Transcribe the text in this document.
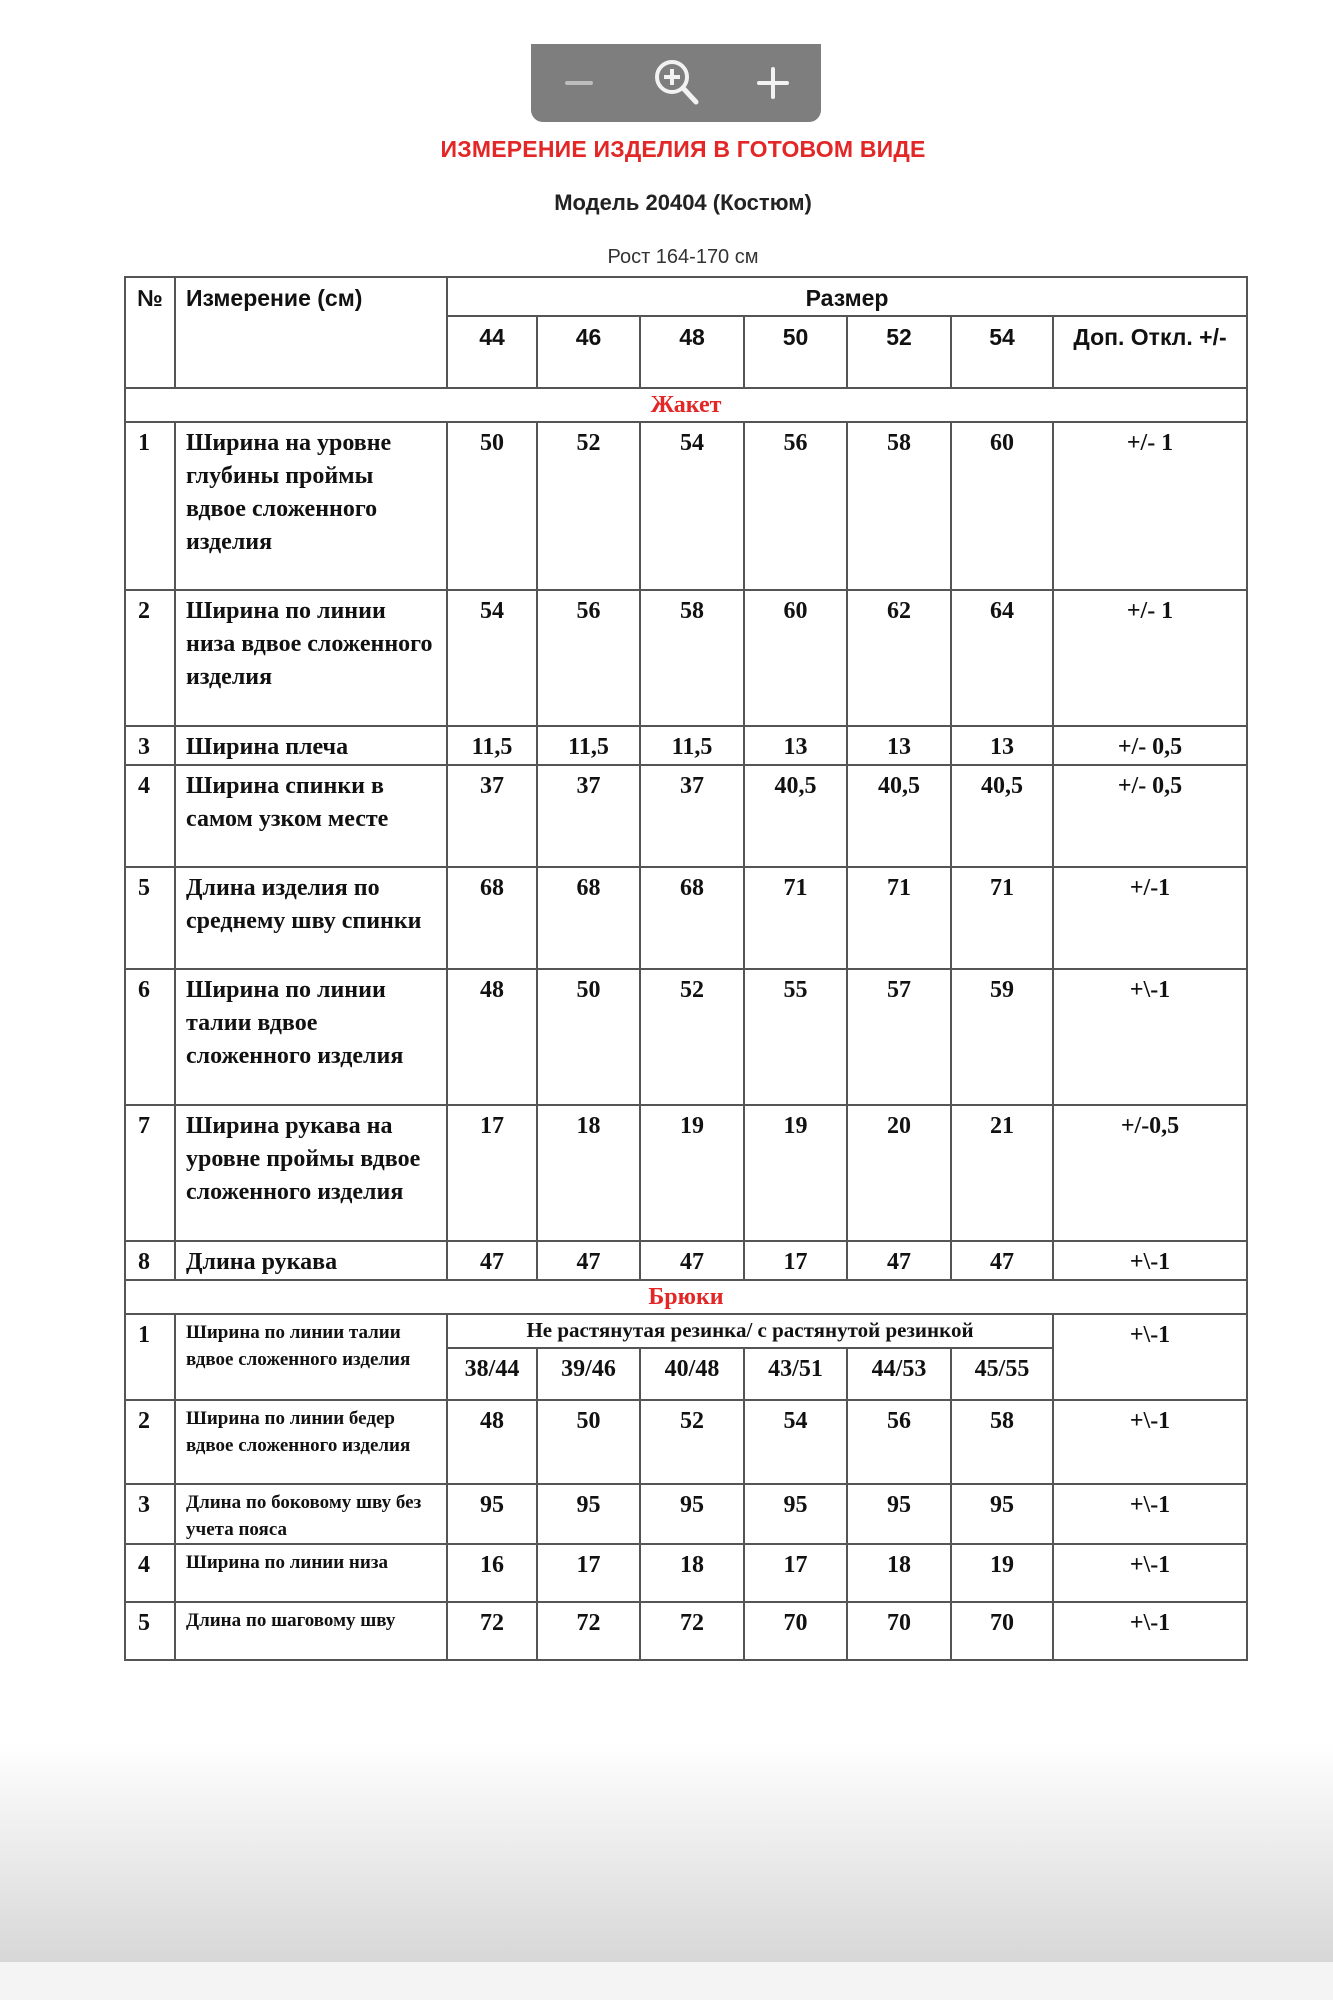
ИЗМЕРЕНИЕ ИЗДЕЛИЯ В ГОТОВОМ ВИДЕ
Модель 20404 (Костюм)
Рост 164-170 см
№	Измерение (см)	Размер						
		44	46	48	50	52	54	Доп. Откл. +/-
Жакет								
1	Ширина на уровне глубины проймы вдвое сложенного изделия	50	52	54	56	58	60	+/- 1
2	Ширина по линии низа вдвое сложенного изделия	54	56	58	60	62	64	+/- 1
3	Ширина плеча	11,5	11,5	11,5	13	13	13	+/- 0,5
4	Ширина спинки в самом узком месте	37	37	37	40,5	40,5	40,5	+/- 0,5
5	Длина изделия по среднему шву спинки	68	68	68	71	71	71	+/-1
6	Ширина по линии талии вдвое сложенного изделия	48	50	52	55	57	59	+\-1
7	Ширина рукава на уровне проймы вдвое сложенного изделия	17	18	19	19	20	21	+/-0,5
8	Длина рукава	47	47	47	17	47	47	+\-1
Брюки								
1	Ширина по линии талии вдвое сложенного изделия	Не растянутая резинка/ с растянутой резинкой						+\-1
		38/44	39/46	40/48	43/51	44/53	45/55	
2	Ширина по линии бедер вдвое сложенного изделия	48	50	52	54	56	58	+\-1
3	Длина по боковому шву без учета пояса	95	95	95	95	95	95	+\-1
4	Ширина по линии низа	16	17	18	17	18	19	+\-1
5	Длина по шаговому шву	72	72	72	70	70	70	+\-1
